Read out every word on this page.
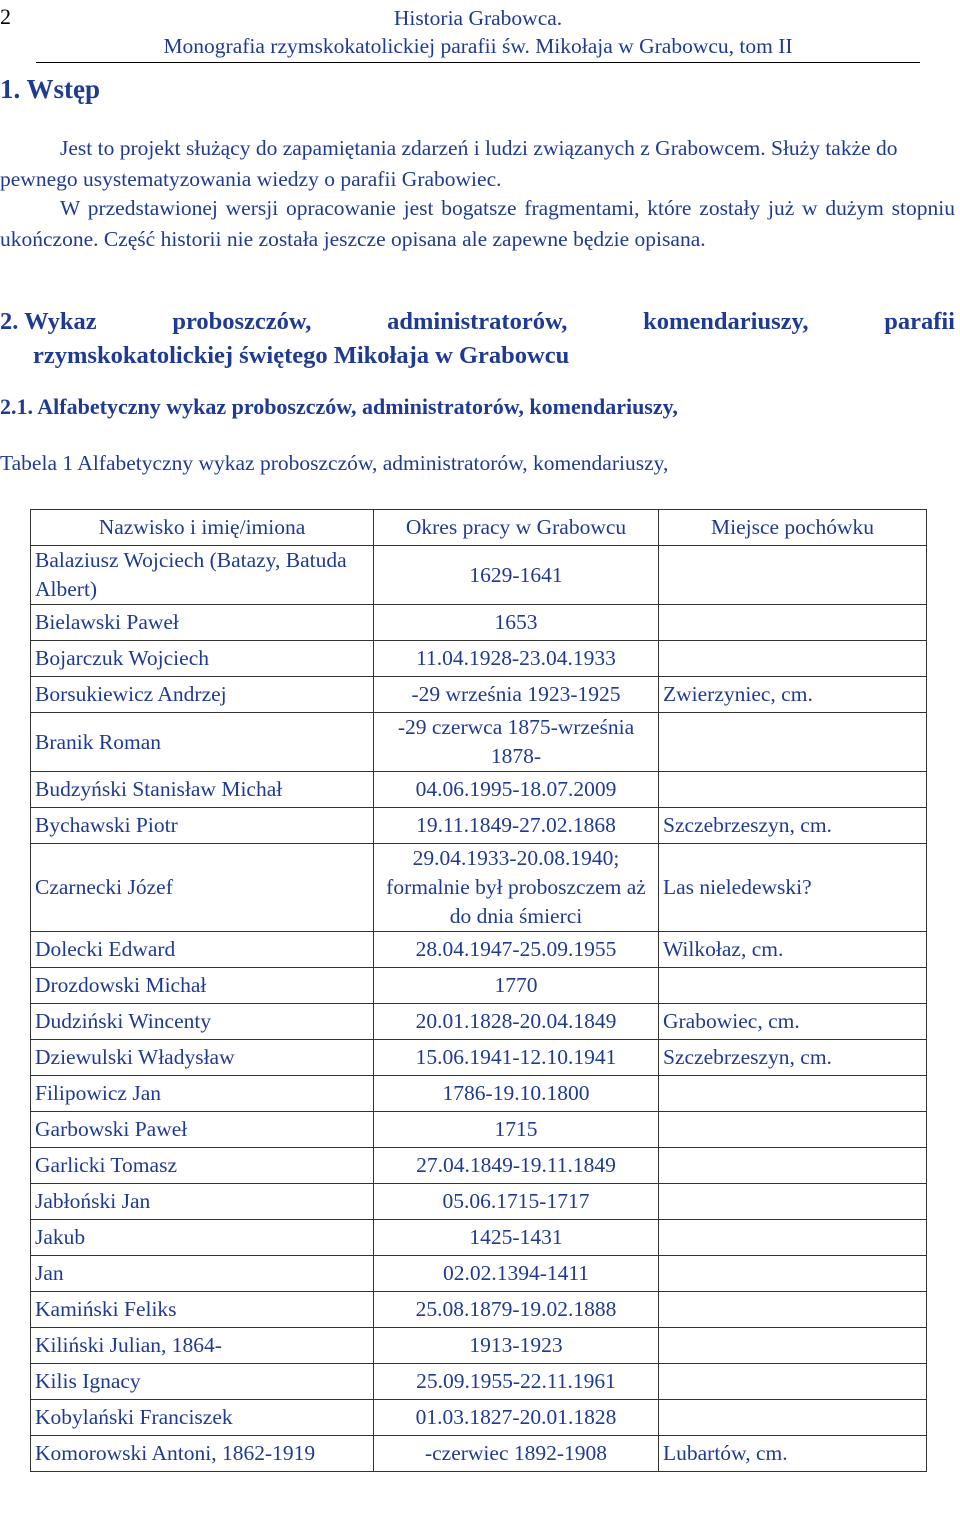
2	Historia Grabowca.
Monografia rzymskokatolickiej parafii św. Mikołaja w Grabowcu, tom II
1. Wstęp

Jest to projekt służący do zapamiętania zdarzeń i ludzi związanych z Grabowcem. Służy także do pewnego usystematyzowania wiedzy o parafii Grabowiec.

W przedstawionej wersji opracowanie jest bogatsze fragmentami, które zostały już w dużym stopniu ukończone. Część historii nie została jeszcze opisana ale zapewne będzie opisana.

2. Wykaz	proboszczów,	administratorów,	komendariuszy,	parafii
rzymskokatolickiej świętego Mikołaja w Grabowcu
2.1. Alfabetyczny wykaz proboszczów, administratorów, komendariuszy,
Tabela 1 Alfabetyczny wykaz proboszczów, administratorów, komendariuszy,
Nazwisko i imię/imiona	Okres pracy w Grabowcu	Miejsce pochówku
Balaziusz Wojciech (Batazy, Batuda Albert)	1629-1641	
Bielawski Paweł	1653	
Bojarczuk Wojciech	11.04.1928-23.04.1933	
Borsukiewicz Andrzej	-29 września 1923-1925	Zwierzyniec, cm.
Branik Roman	-29 czerwca 1875-września 1878-	
Budzyński Stanisław Michał	04.06.1995-18.07.2009	
Bychawski Piotr	19.11.1849-27.02.1868	Szczebrzeszyn, cm.
Czarnecki Józef	29.04.1933-20.08.1940; formalnie był proboszczem aż do dnia śmierci	Las nieledewski?
Dolecki Edward	28.04.1947-25.09.1955	Wilkołaz, cm.
Drozdowski Michał	1770	
Dudziński Wincenty	20.01.1828-20.04.1849	Grabowiec, cm.
Dziewulski Władysław	15.06.1941-12.10.1941	Szczebrzeszyn, cm.
Filipowicz Jan	1786-19.10.1800	
Garbowski Paweł	1715	
Garlicki Tomasz	27.04.1849-19.11.1849	
Jabłoński Jan	05.06.1715-1717	
Jakub	1425-1431	
Jan	02.02.1394-1411	
Kamiński Feliks	25.08.1879-19.02.1888	
Kiliński Julian, 1864-	1913-1923	
Kilis Ignacy	25.09.1955-22.11.1961	
Kobylański Franciszek	01.03.1827-20.01.1828	
Komorowski Antoni, 1862-1919	-czerwiec 1892-1908	Lubartów, cm.
